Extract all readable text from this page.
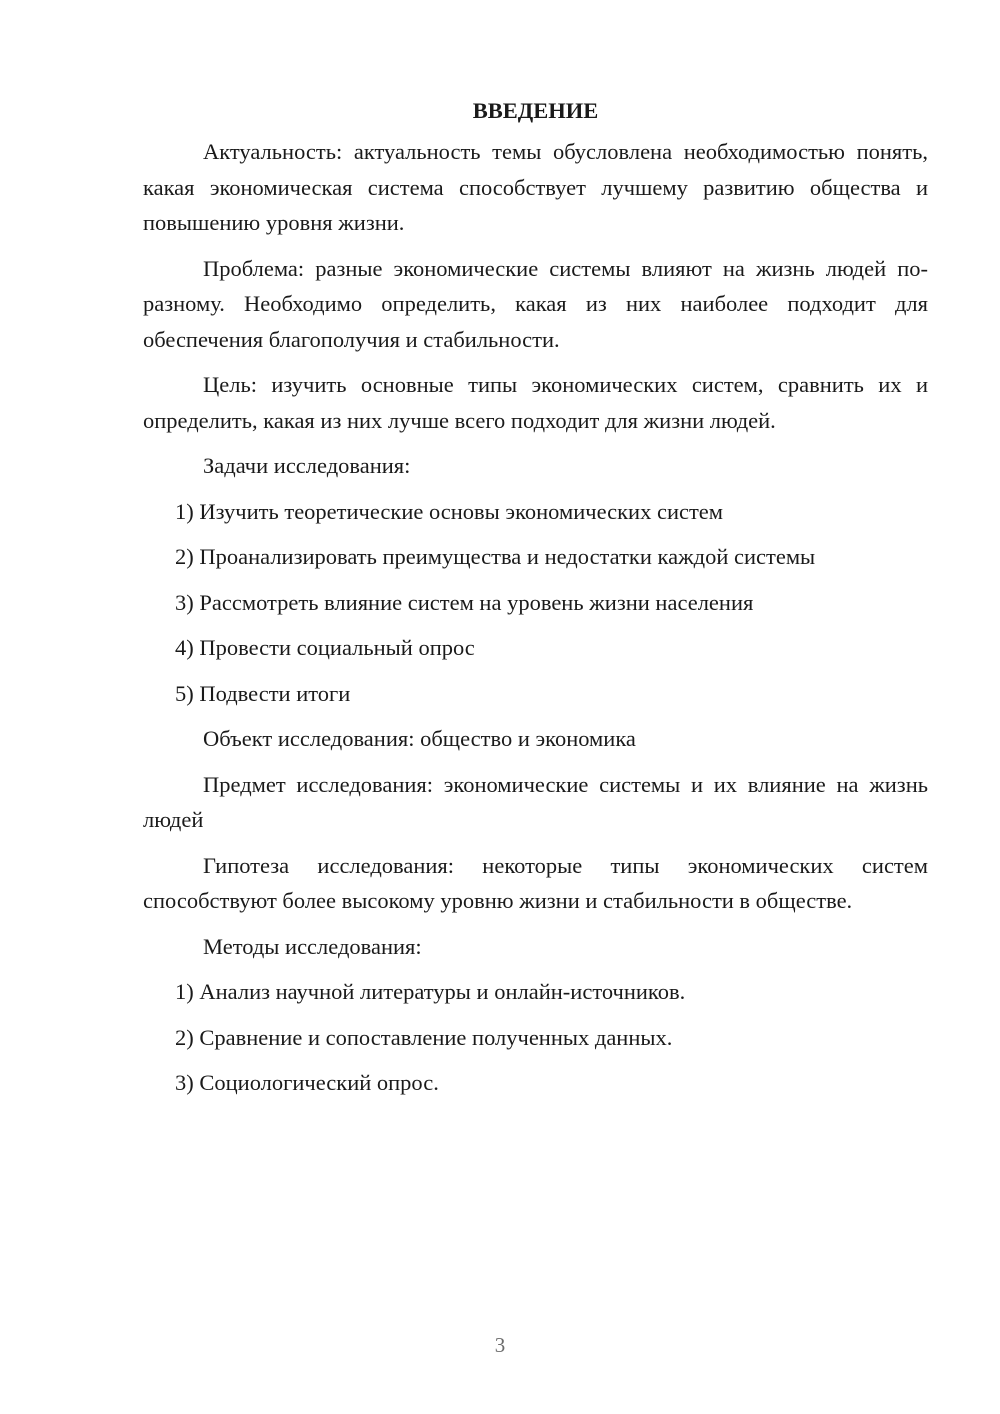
ВВЕДЕНИЕ

Актуальность: актуальность темы обусловлена необходимостью понять, какая экономическая система способствует лучшему развитию общества и повышению уровня жизни.

Проблема: разные экономические системы влияют на жизнь людей по-разному. Необходимо определить, какая из них наиболее подходит для обеспечения благополучия и стабильности.

Цель: изучить основные типы экономических систем, сравнить их и определить, какая из них лучше всего подходит для жизни людей.

Задачи исследования:

1) Изучить теоретические основы экономических систем
2) Проанализировать преимущества и недостатки каждой системы
3) Рассмотреть влияние систем на уровень жизни населения
4) Провести социальный опрос
5) Подвести итоги

Объект исследования: общество и экономика

Предмет исследования: экономические системы и их влияние на жизнь людей

Гипотеза исследования: некоторые типы экономических систем способствуют более высокому уровню жизни и стабильности в обществе.

Методы исследования:

1) Анализ научной литературы и онлайн-источников.
2) Сравнение и сопоставление полученных данных.
3) Социологический опрос.
3
